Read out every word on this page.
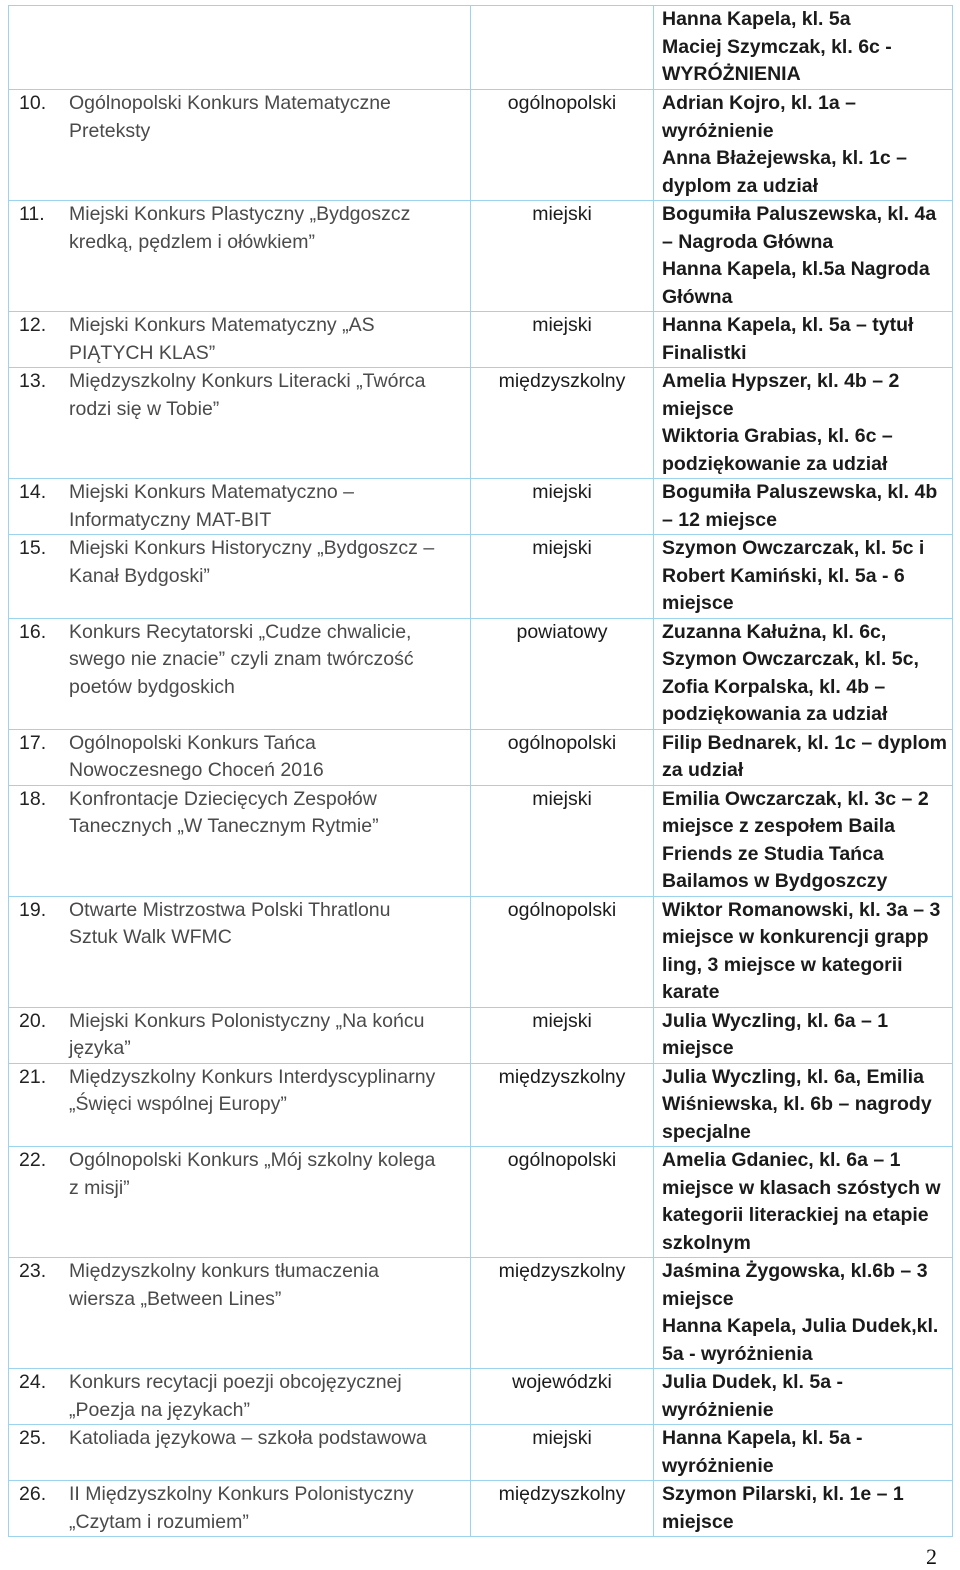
		Hanna Kapela, kl. 5a
Maciej Szymczak, kl. 6c -
WYRÓŻNIENIA

10. Ogólnopolski Konkurs Matematyczne
Preteksty	ogólnopolski	Adrian Kojro, kl. 1a –
wyróżnienie
Anna Błażejewska, kl. 1c –
dyplom za udział

11. Miejski Konkurs Plastyczny „Bydgoszcz
kredką, pędzlem i ołówkiem”	miejski	Bogumiła Paluszewska, kl. 4a
– Nagroda Główna
Hanna Kapela, kl.5a Nagroda
Główna

12. Miejski Konkurs Matematyczny „AS
PIĄTYCH KLAS”	miejski	Hanna Kapela, kl. 5a – tytuł
Finalistki

13. Międzyszkolny Konkurs Literacki „Twórca
rodzi się w Tobie”	międzyszkolny	Amelia Hypszer, kl. 4b – 2
miejsce
Wiktoria Grabias, kl. 6c –
podziękowanie za udział

14. Miejski Konkurs Matematyczno –
Informatyczny MAT-BIT	miejski	Bogumiła Paluszewska, kl. 4b
– 12 miejsce

15. Miejski Konkurs Historyczny „Bydgoszcz –
Kanał Bydgoski”	miejski	Szymon Owczarczak, kl. 5c i
Robert Kamiński, kl. 5a - 6
miejsce

16. Konkurs Recytatorski „Cudze chwalicie,
swego nie znacie” czyli znam twórczość
poetów bydgoskich	powiatowy	Zuzanna Kałużna, kl. 6c,
Szymon Owczarczak, kl. 5c,
Zofia Korpalska, kl. 4b –
podziękowania za udział

17. Ogólnopolski Konkurs Tańca
Nowoczesnego Choceń 2016	ogólnopolski	Filip Bednarek, kl. 1c – dyplom
za udział

18. Konfrontacje Dziecięcych Zespołów
Tanecznych „W Tanecznym Rytmie”	miejski	Emilia Owczarczak, kl. 3c – 2
miejsce z zespołem Baila
Friends ze Studia Tańca
Bailamos w Bydgoszczy

19. Otwarte Mistrzostwa Polski Thratlonu
Sztuk Walk WFMC	ogólnopolski	Wiktor Romanowski, kl. 3a – 3
miejsce w konkurencji grapp
ling, 3 miejsce w kategorii
karate

20. Miejski Konkurs Polonistyczny „Na końcu
języka”	miejski	Julia Wyczling, kl. 6a – 1
miejsce

21. Międzyszkolny Konkurs Interdyscyplinarny
„Święci wspólnej Europy”	międzyszkolny	Julia Wyczling, kl. 6a, Emilia
Wiśniewska, kl. 6b – nagrody
specjalne

22. Ogólnopolski Konkurs „Mój szkolny kolega
z misji”	ogólnopolski	Amelia Gdaniec, kl. 6a – 1
miejsce w klasach szóstych w
kategorii literackiej na etapie
szkolnym

23. Międzyszkolny konkurs tłumaczenia
wiersza „Between Lines”	międzyszkolny	Jaśmina Żygowska, kl.6b – 3
miejsce
Hanna Kapela, Julia Dudek,kl.
5a - wyróżnienia

24. Konkurs recytacji poezji obcojęzycznej
„Poezja na językach”	wojewódzki	Julia Dudek, kl. 5a -
wyróżnienie

25. Katoliada językowa – szkoła podstawowa	miejski	Hanna Kapela, kl. 5a -
wyróżnienie

26. II Międzyszkolny Konkurs Polonistyczny
„Czytam i rozumiem”	międzyszkolny	Szymon Pilarski, kl. 1e – 1
miejsce
2
